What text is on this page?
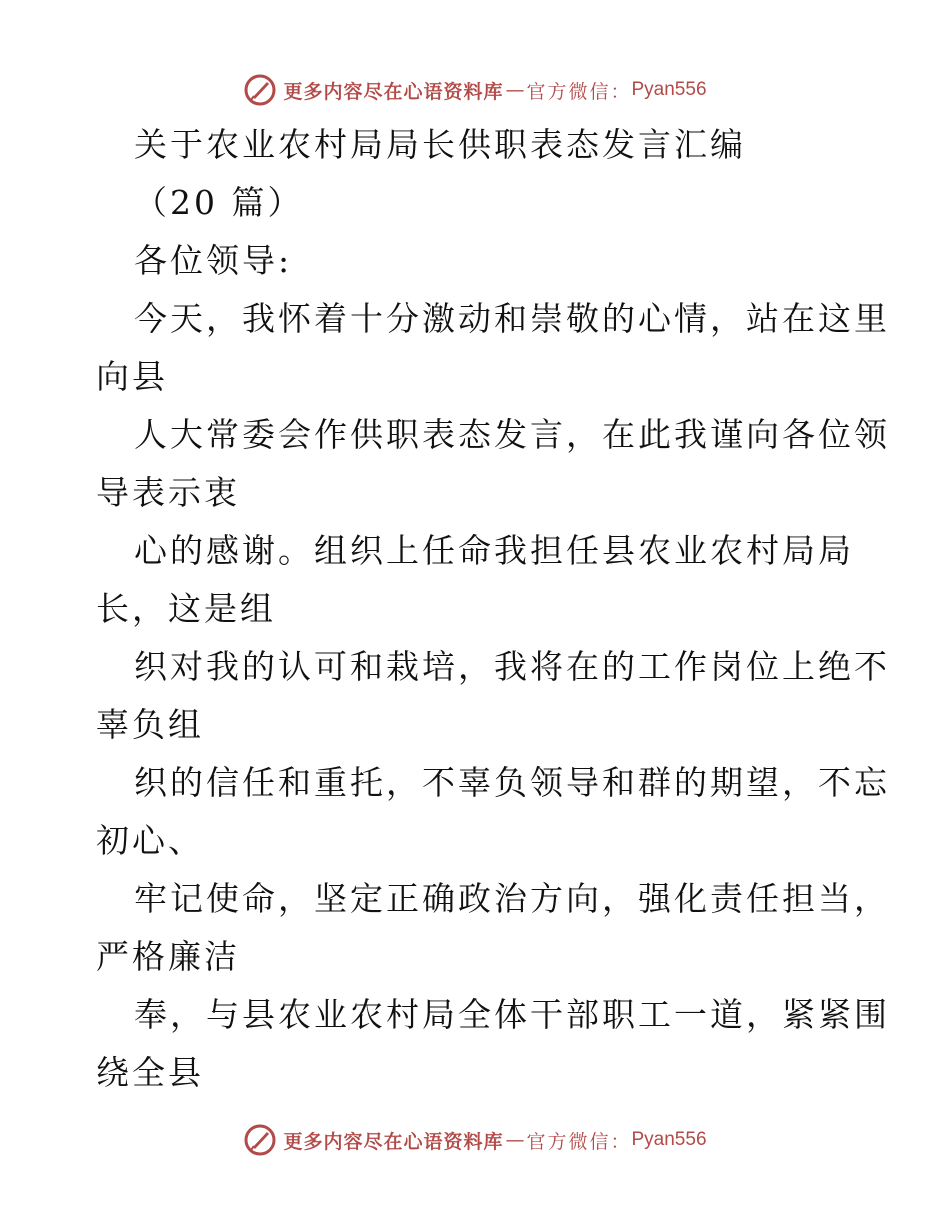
更多内容尽在心语资料库 — 官方微信： Pyan556
关于农业农村局局长供职表态发言汇编
（20 篇）
各位领导:
今天，我怀着十分激动和崇敬的心情，站在这里
向县
人大常委会作供职表态发言，在此我谨向各位领
导表示衷
心的感谢。组织上任命我担任县农业农村局局
长，这是组
织对我的认可和栽培，我将在的工作岗位上绝不
辜负组
织的信任和重托，不辜负领导和群的期望，不忘
初心、
牢记使命，坚定正确政治方向，强化责任担当，
严格廉洁
奉，与县农业农村局全体干部职工一道，紧紧围
绕全县
更多内容尽在心语资料库 — 官方微信： Pyan556
